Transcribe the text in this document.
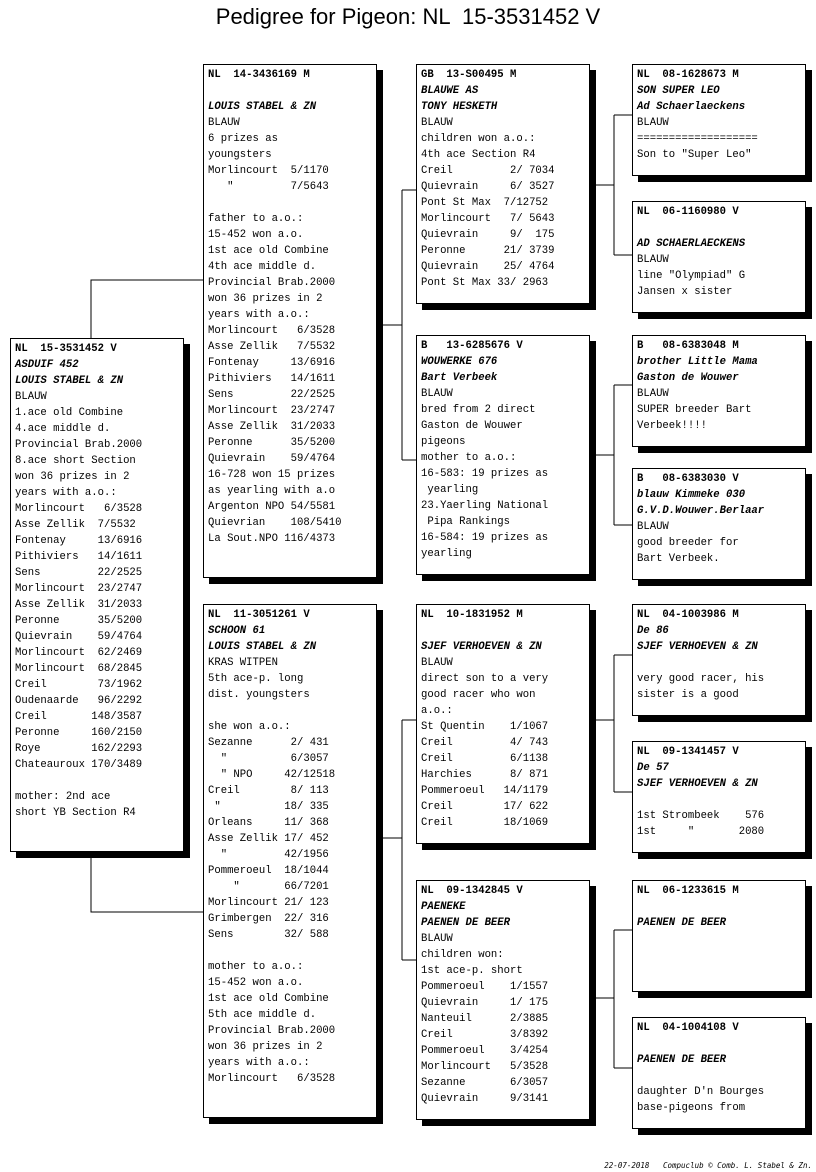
Pedigree for Pigeon: NL  15-3531452 V
NL  15-3531452 V
ASDUIF 452
LOUIS STABEL & ZN
BLAUW
1.ace old Combine
4.ace middle d.
Provincial Brab.2000
8.ace short Section
won 36 prizes in 2
years with a.o.:
Morlincourt   6/3528
Asse Zellik  7/5532
Fontenay     13/6916
Pithiviers   14/1611
Sens         22/2525
Morlincourt  23/2747
Asse Zellik  31/2033
Peronne      35/5200
Quievrain    59/4764
Morlincourt  62/2469
Morlincourt  68/2845
Creil        73/1962
Oudenaarde   96/2292
Creil       148/3587
Peronne     160/2150
Roye        162/2293
Chateauroux 170/3489
mother: 2nd ace
short YB Section R4
NL  14-3436169 M
LOUIS STABEL & ZN
BLAUW
6 prizes as
youngsters
Morlincourt  5/1170
"         7/5643
father to a.o.:
15-452 won a.o.
1st ace old Combine
4th ace middle d.
Provincial Brab.2000
won 36 prizes in 2
years with a.o.:
Morlincourt   6/3528
Asse Zellik   7/5532
Fontenay     13/6916
Pithiviers   14/1611
Sens         22/2525
Morlincourt  23/2747
Asse Zellik  31/2033
Peronne      35/5200
Quievrain    59/4764
16-728 won 15 prizes
as yearling with a.o
Argenton NPO 54/5581
Quievrian    108/5410
La Sout.NPO 116/4373
NL  11-3051261 V
SCHOON 61
LOUIS STABEL & ZN
KRAS WITPEN
5th ace-p. long
dist. youngsters
she won a.o.:
Sezanne      2/ 431
"          6/3057
" NPO     42/12518
Creil        8/ 113
"          18/ 335
Orleans     11/ 368
Asse Zellik 17/ 452
"         42/1956
Pommeroeul  18/1044
"       66/7201
Morlincourt 21/ 123
Grimbergen  22/ 316
Sens        32/ 588
mother to a.o.:
15-452 won a.o.
1st ace old Combine
5th ace middle d.
Provincial Brab.2000
won 36 prizes in 2
years with a.o.:
Morlincourt   6/3528
GB  13-S00495 M
BLAUWE AS
TONY HESKETH
BLAUW
children won a.o.:
4th ace Section R4
Creil         2/ 7034
Quievrain     6/ 3527
Pont St Max  7/12752
Morlincourt   7/ 5643
Quievrain     9/  175
Peronne      21/ 3739
Quievrain    25/ 4764
Pont St Max 33/ 2963
B   13-6285676 V
WOUWERKE 676
Bart Verbeek
BLAUW
bred from 2 direct
Gaston de Wouwer
pigeons
mother to a.o.:
16-583: 19 prizes as
yearling
23.Yaerling National
Pipa Rankings
16-584: 19 prizes as
yearling
NL  10-1831952 M
SJEF VERHOEVEN & ZN
BLAUW
direct son to a very
good racer who won
a.o.:
St Quentin    1/1067
Creil         4/ 743
Creil         6/1138
Harchies      8/ 871
Pommeroeul   14/1179
Creil        17/ 622
Creil        18/1069
NL  09-1342845 V
PAENEKE
PAENEN DE BEER
BLAUW
children won:
1st ace-p. short
Pommeroeul    1/1557
Quievrain     1/ 175
Nanteuil      2/3885
Creil         3/8392
Pommeroeul    3/4254
Morlincourt   5/3528
Sezanne       6/3057
Quievrain     9/3141
NL  08-1628673 M
SON SUPER LEO
Ad Schaerlaeckens
BLAUW
===================
Son to "Super Leo"
NL  06-1160980 V
AD SCHAERLAECKENS
BLAUW
line "Olympiad" G
Jansen x sister
B   08-6383048 M
brother Little Mama
Gaston de Wouwer
BLAUW
SUPER breeder Bart
Verbeek!!!!
B   08-6383030 V
blauw Kimmeke 030
G.V.D.Wouwer.Berlaar
BLAUW
good breeder for
Bart Verbeek.
NL  04-1003986 M
De 86
SJEF VERHOEVEN & ZN
very good racer, his
sister is a good
NL  09-1341457 V
De 57
SJEF VERHOEVEN & ZN
1st Strombeek    576
1st     "       2080
NL  06-1233615 M
PAENEN DE BEER
NL  04-1004108 V
PAENEN DE BEER
daughter D'n Bourges
base-pigeons from
22-07-2018 Compuclub © Comb. L. Stabel & Zn.
